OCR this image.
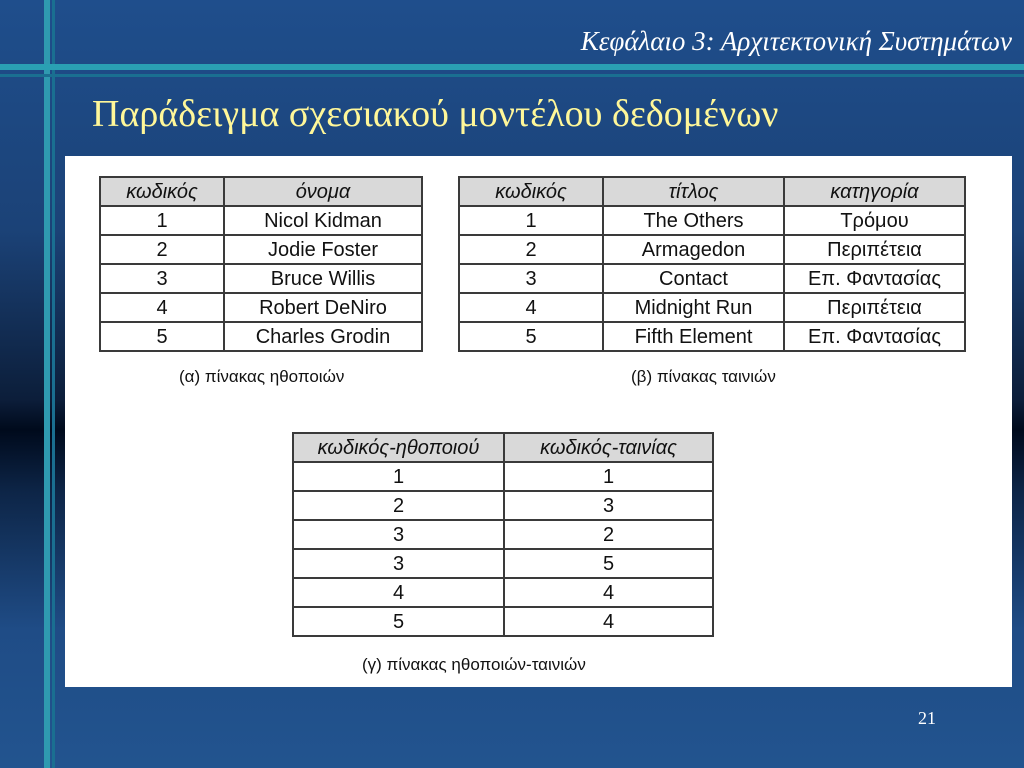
Κεφάλαιο 3: Αρχιτεκτονική Συστημάτων
Παράδειγμα σχεσιακού μοντέλου δεδομένων
κωδικός	όνομα
1	Nicol Kidman
2	Jodie Foster
3	Bruce Willis
4	Robert DeNiro
5	Charles Grodin
κωδικός	τίτλος	κατηγορία
1	The Others	Τρόμου
2	Armagedon	Περιπέτεια
3	Contact	Επ. Φαντασίας
4	Midnight Run	Περιπέτεια
5	Fifth Element	Επ. Φαντασίας
(α) πίνακας ηθοποιών	(β) πίνακας ταινιών
κωδικός-ηθοποιού	κωδικός-ταινίας
1	1
2	3
3	2
3	5
4	4
5	4
(γ) πίνακας ηθοποιών-ταινιών
21
